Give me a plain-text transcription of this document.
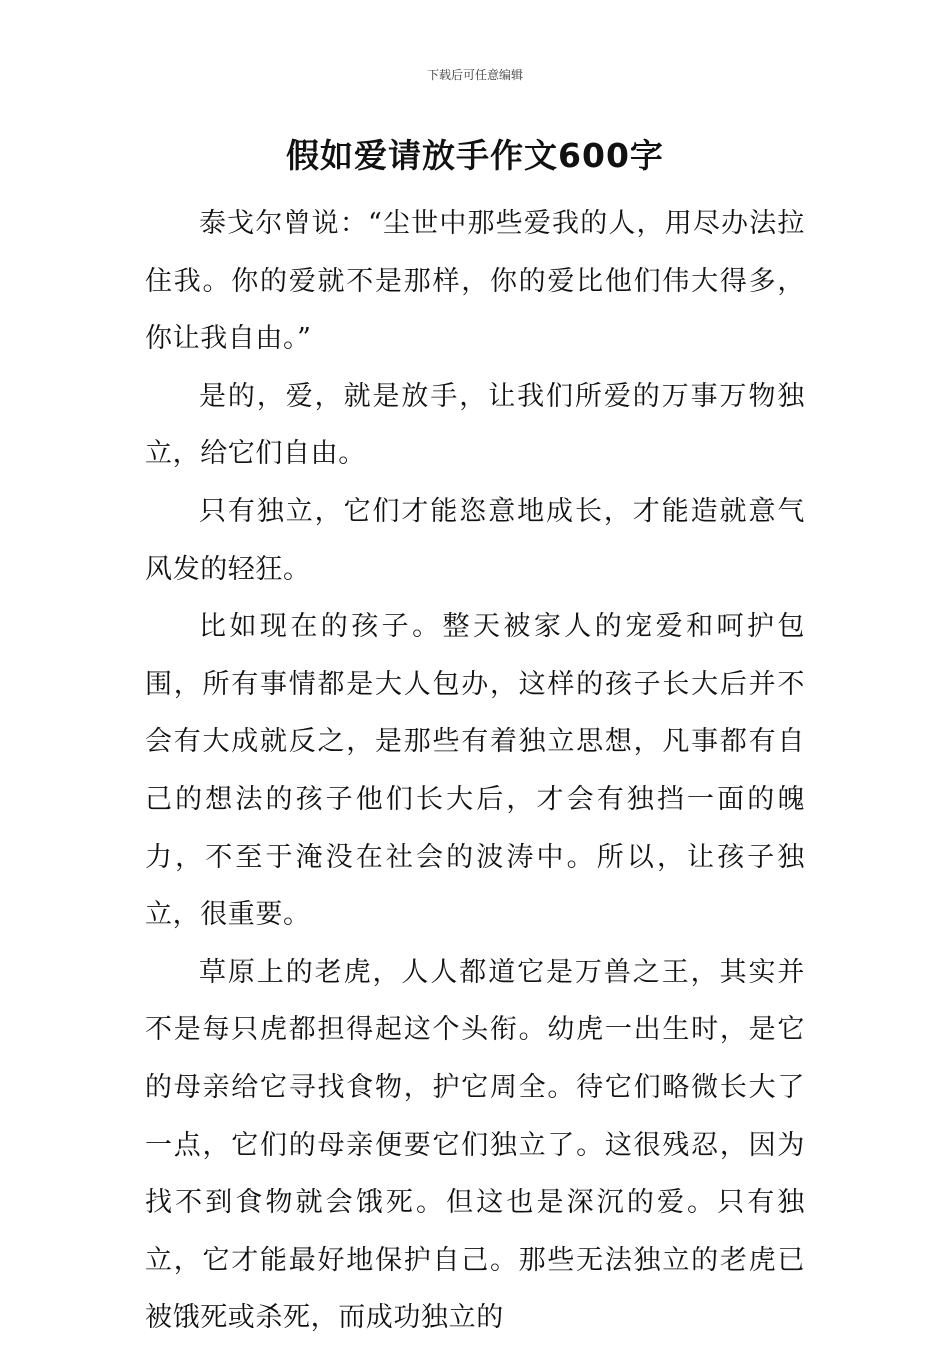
下载后可任意编辑
假如爱请放手作文600字

泰戈尔曾说：“尘世中那些爱我的人，用尽办法拉住我。你的爱就不是那样，你的爱比他们伟大得多，你让我自由。”

是的，爱，就是放手，让我们所爱的万事万物独立，给它们自由。

只有独立，它们才能恣意地成长，才能造就意气风发的轻狂。

比如现在的孩子。整天被家人的宠爱和呵护包围，所有事情都是大人包办，这样的孩子长大后并不会有大成就反之，是那些有着独立思想，凡事都有自己的想法的孩子他们长大后，才会有独挡一面的魄力，不至于淹没在社会的波涛中。所以，让孩子独立，很重要。

草原上的老虎，人人都道它是万兽之王，其实并不是每只虎都担得起这个头衔。幼虎一出生时，是它的母亲给它寻找食物，护它周全。待它们略微长大了一点，它们的母亲便要它们独立了。这很残忍，因为找不到食物就会饿死。但这也是深沉的爱。只有独立，它才能最好地保护自己。那些无法独立的老虎已被饿死或杀死，而成功独立的
